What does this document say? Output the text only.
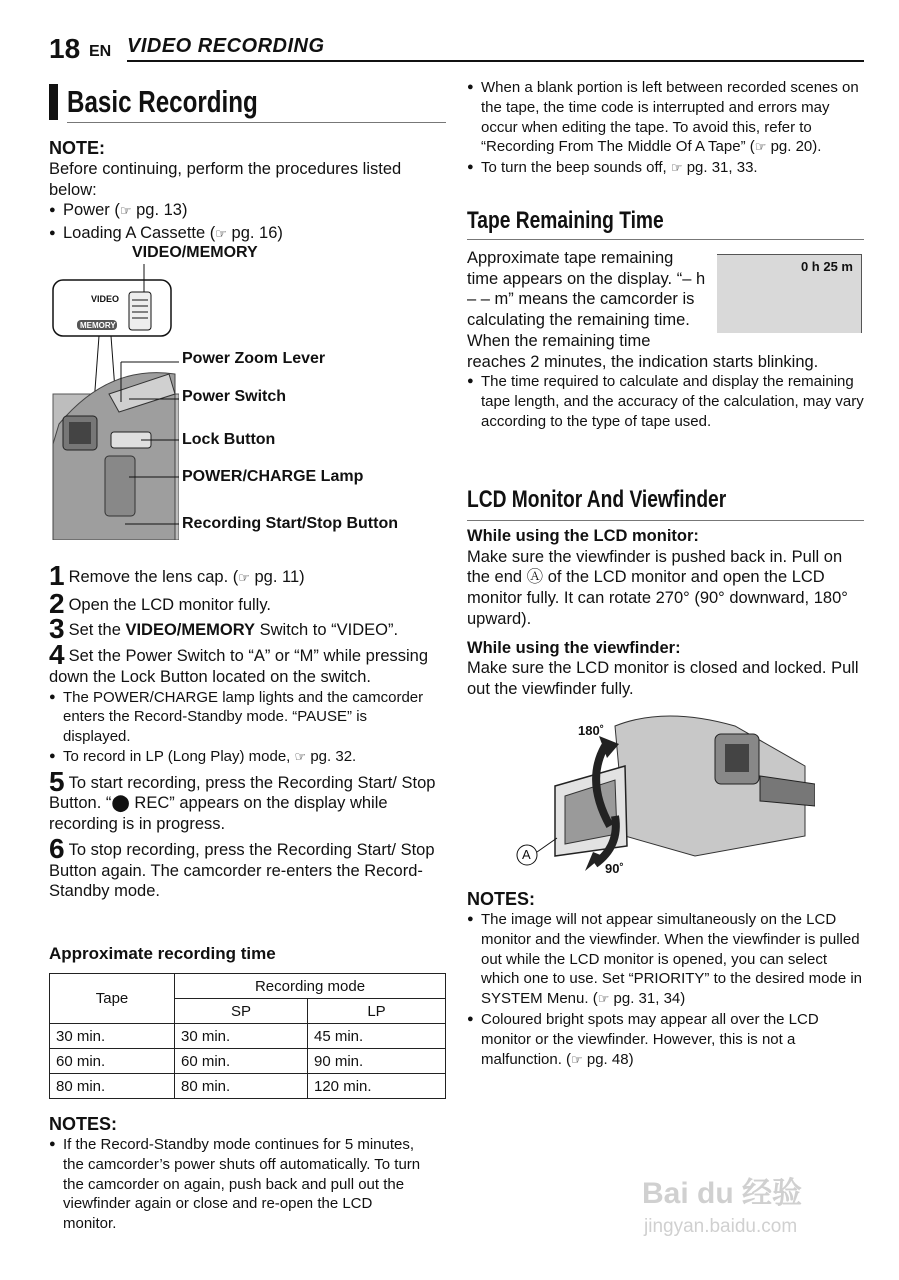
18 EN VIDEO RECORDING
Basic Recording
NOTE:
Before continuing, perform the procedures listed below:
● Power (☞ pg. 13)
● Loading A Cassette (☞ pg. 16)
VIDEO/MEMORY
Power Zoom Lever
Power Switch
Lock Button
POWER/CHARGE Lamp
Recording Start/Stop Button
VIDEO
MEMORY
1 Remove the lens cap. (☞ pg. 11)
2 Open the LCD monitor fully.
3 Set the VIDEO/MEMORY Switch to “VIDEO”.
4 Set the Power Switch to “A” or “M” while pressing down the Lock Button located on the switch.
● The POWER/CHARGE lamp lights and the camcorder enters the Record-Standby mode. “PAUSE” is displayed.
● To record in LP (Long Play) mode, ☞ pg. 32.
5 To start recording, press the Recording Start/ Stop Button. “⬤ REC” appears on the display while recording is in progress.
6 To stop recording, press the Recording Start/ Stop Button again. The camcorder re-enters the Record-Standby mode.
Approximate recording time
Tape	Recording mode	
	SP	LP
30 min.	30 min.	45 min.
60 min.	60 min.	90 min.
80 min.	80 min.	120 min.
NOTES:
● If the Record-Standby mode continues for 5 minutes, the camcorder’s power shuts off automatically. To turn the camcorder on again, push back and pull out the viewfinder again or close and re-open the LCD monitor.
● When a blank portion is left between recorded scenes on the tape, the time code is interrupted and errors may occur when editing the tape. To avoid this, refer to “Recording From The Middle Of A Tape” (☞ pg. 20).
● To turn the beep sounds off, ☞ pg. 31, 33.
Tape Remaining Time
0 h 25 m
Approximate tape remaining time appears on the display. “– h – – m” means the camcorder is calculating the remaining time. When the remaining time reaches 2 minutes, the indication starts blinking.
● The time required to calculate and display the remaining tape length, and the accuracy of the calculation, may vary according to the type of tape used.
LCD Monitor And Viewfinder
While using the LCD monitor:
Make sure the viewfinder is pushed back in. Pull on the end Ⓐ of the LCD monitor and open the LCD monitor fully. It can rotate 270° (90° downward, 180° upward).
While using the viewfinder:
Make sure the LCD monitor is closed and locked. Pull out the viewfinder fully.
180˚
90˚
A
NOTES:
● The image will not appear simultaneously on the LCD monitor and the viewfinder. When the viewfinder is pulled out while the LCD monitor is opened, you can select which one to use. Set “PRIORITY” to the desired mode in SYSTEM Menu. (☞ pg. 31, 34)
● Coloured bright spots may appear all over the LCD monitor or the viewfinder. However, this is not a malfunction. (☞ pg. 48)
Bai du 经验
jingyan.baidu.com
